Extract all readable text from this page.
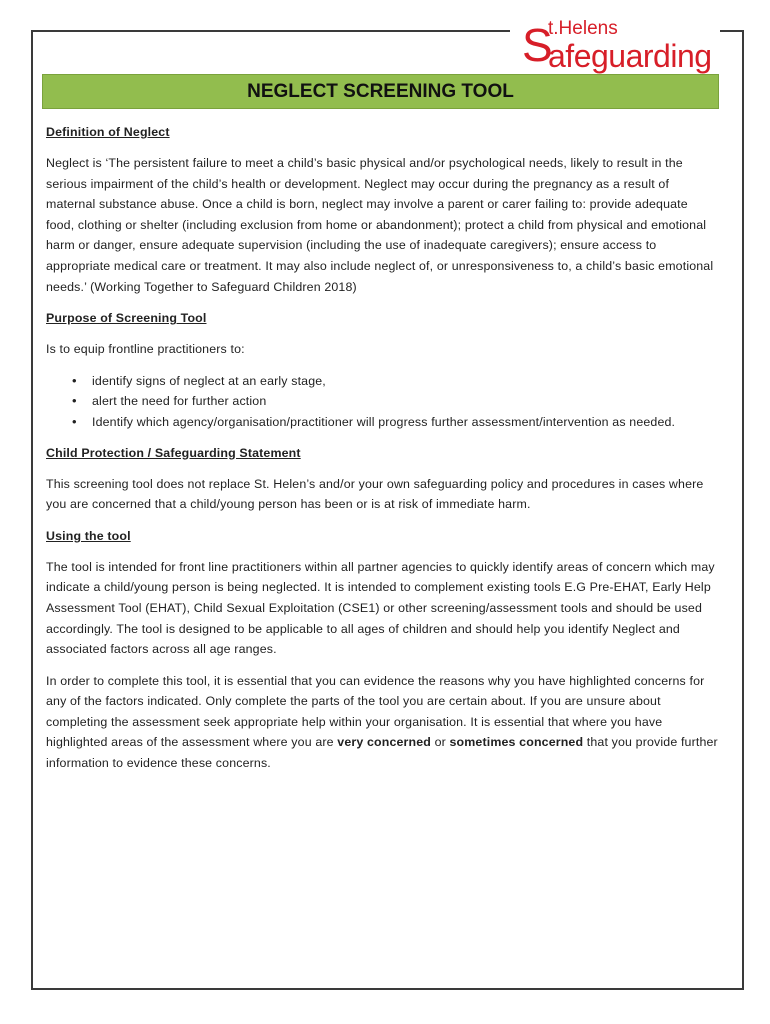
S
t.Helens
afeguarding
NEGLECT SCREENING TOOL
Definition of Neglect

Neglect is ‘The persistent failure to meet a child’s basic physical and/or psychological needs, likely to result in the serious impairment of the child’s health or development. Neglect may occur during the pregnancy as a result of maternal substance abuse. Once a child is born, neglect may involve a parent or carer failing to: provide adequate food, clothing or shelter (including exclusion from home or abandonment); protect a child from physical and emotional harm or danger, ensure adequate supervision (including the use of inadequate caregivers); ensure access to appropriate medical care or treatment. It may also include neglect of, or unresponsiveness to, a child’s basic emotional needs.’ (Working Together to Safeguard Children 2018)

Purpose of Screening Tool

Is to equip frontline practitioners to:

• identify signs of neglect at an early stage,
• alert the need for further action
• Identify which agency/organisation/practitioner will progress further assessment/intervention as needed.
Child Protection / Safeguarding Statement

This screening tool does not replace St. Helen’s and/or your own safeguarding policy and procedures in cases where you are concerned that a child/young person has been or is at risk of immediate harm.

Using the tool

The tool is intended for front line practitioners within all partner agencies to quickly identify areas of concern which may indicate a child/young person is being neglected. It is intended to complement existing tools E.G Pre-EHAT, Early Help Assessment Tool (EHAT), Child Sexual Exploitation (CSE1) or other screening/assessment tools and should be used accordingly. The tool is designed to be applicable to all ages of children and should help you identify Neglect and associated factors across all age ranges.

In order to complete this tool, it is essential that you can evidence the reasons why you have highlighted concerns for any of the factors indicated. Only complete the parts of the tool you are certain about. If you are unsure about completing the assessment seek appropriate help within your organisation. It is essential that where you have highlighted areas of the assessment where you are very concerned or sometimes concerned that you provide further information to evidence these concerns.
